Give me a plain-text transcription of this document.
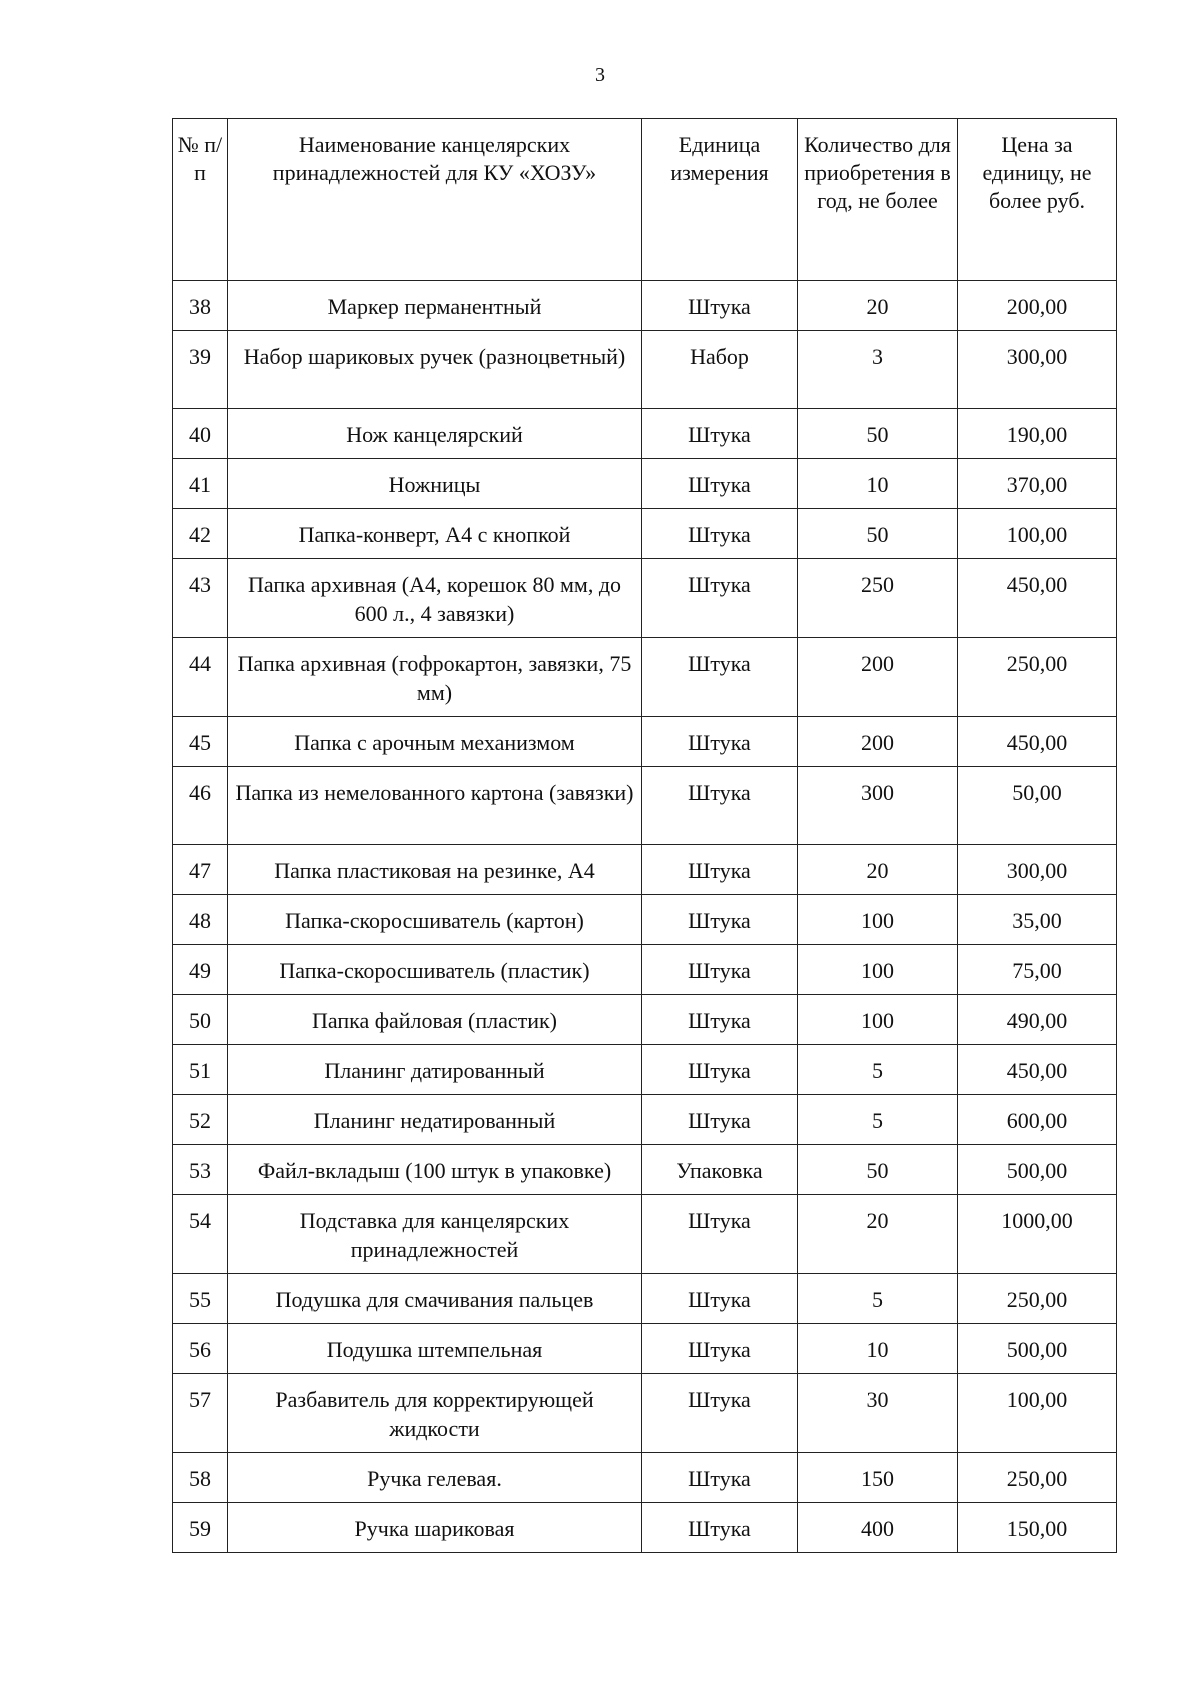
3
№ п/п	Наименование канцелярских принадлежностей для КУ «ХОЗУ»	Единица измерения	Количество для приобретения в год, не более	Цена за единицу, не более руб.
38	Маркер перманентный	Штука	20	200,00
39	Набор шариковых ручек (разноцветный)	Набор	3	300,00
40	Нож канцелярский	Штука	50	190,00
41	Ножницы	Штука	10	370,00
42	Папка-конверт, А4 с кнопкой	Штука	50	100,00
43	Папка архивная (А4, корешок 80 мм, до 600 л., 4 завязки)	Штука	250	450,00
44	Папка архивная (гофрокартон, завязки, 75 мм)	Штука	200	250,00
45	Папка с арочным механизмом	Штука	200	450,00
46	Папка из немелованного картона (завязки)	Штука	300	50,00
47	Папка пластиковая на резинке, А4	Штука	20	300,00
48	Папка-скоросшиватель (картон)	Штука	100	35,00
49	Папка-скоросшиватель (пластик)	Штука	100	75,00
50	Папка файловая (пластик)	Штука	100	490,00
51	Планинг датированный	Штука	5	450,00
52	Планинг недатированный	Штука	5	600,00
53	Файл-вкладыш (100 штук в упаковке)	Упаковка	50	500,00
54	Подставка для канцелярских принадлежностей	Штука	20	1000,00
55	Подушка для смачивания пальцев	Штука	5	250,00
56	Подушка штемпельная	Штука	10	500,00
57	Разбавитель для корректирующей жидкости	Штука	30	100,00
58	Ручка гелевая.	Штука	150	250,00
59	Ручка шариковая	Штука	400	150,00
